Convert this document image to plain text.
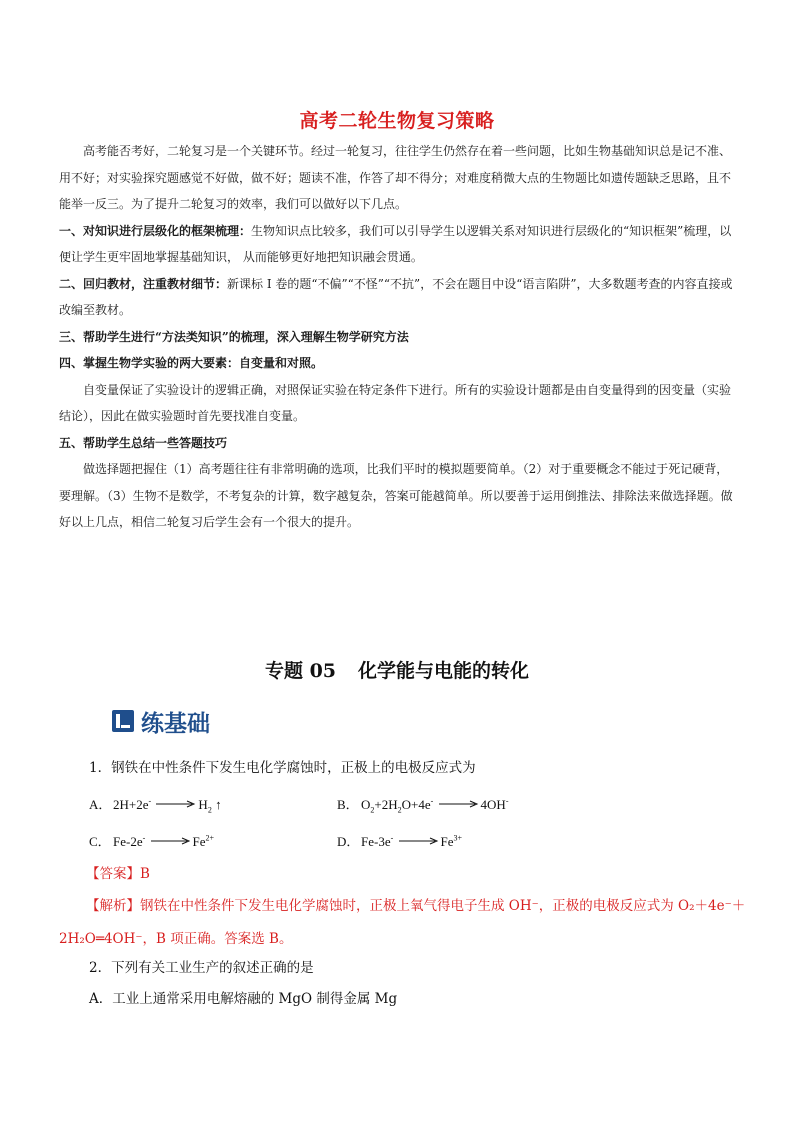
高考二轮生物复习策略

高考能否考好，二轮复习是一个关键环节。经过一轮复习，往往学生仍然存在着一些问题，比如生物基础知识总是记不准、用不好；对实验探究题感觉不好做，做不好；题读不准，作答了却不得分；对难度稍微大点的生物题比如遗传题缺乏思路，且不能举一反三。为了提升二轮复习的效率，我们可以做好以下几点。

一、对知识进行层级化的框架梳理：生物知识点比较多，我们可以引导学生以逻辑关系对知识进行层级化的“知识框架”梳理，以便让学生更牢固地掌握基础知识， 从而能够更好地把知识融会贯通。

二、回归教材，注重教材细节：新课标 I 卷的题“不偏”“不怪”“不抗”，不会在题目中设“语言陷阱”，大多数题考查的内容直接或改编至教材。

三、帮助学生进行“方法类知识”的梳理，深入理解生物学研究方法

四、掌握生物学实验的两大要素：自变量和对照。

自变量保证了实验设计的逻辑正确，对照保证实验在特定条件下进行。所有的实验设计题都是由自变量得到的因变量（实验结论），因此在做实验题时首先要找准自变量。

五、帮助学生总结一些答题技巧

做选择题把握住（1）高考题往往有非常明确的选项，比我们平时的模拟题要简单。（2）对于重要概念不能过于死记硬背，要理解。（3）生物不是数学，不考复杂的计算，数字越复杂，答案可能越简单。所以要善于运用倒推法、排除法来做选择题。做好以上几点，相信二轮复习后学生会有一个很大的提升。

专题 05 化学能与电能的转化
练基础
1．钢铁在中性条件下发生电化学腐蚀时，正极上的电极反应式为
A． $2H+2e^- \to H_2$ ↑	B． $O_2+2H_2O+4e^- \to 4OH^-$
C． $Fe-2e^- \to Fe^{2+}$	D． $Fe-3e^- \to Fe^{3+}$
【答案】B
【解析】钢铁在中性条件下发生电化学腐蚀时，正极上氧气得电子生成 OH⁻，正极的电极反应式为 O₂＋4e⁻＋2H₂O═4OH⁻，B 项正确。答案选 B。
2．下列有关工业生产的叙述正确的是
A．工业上通常采用电解熔融的 MgO 制得金属 Mg
